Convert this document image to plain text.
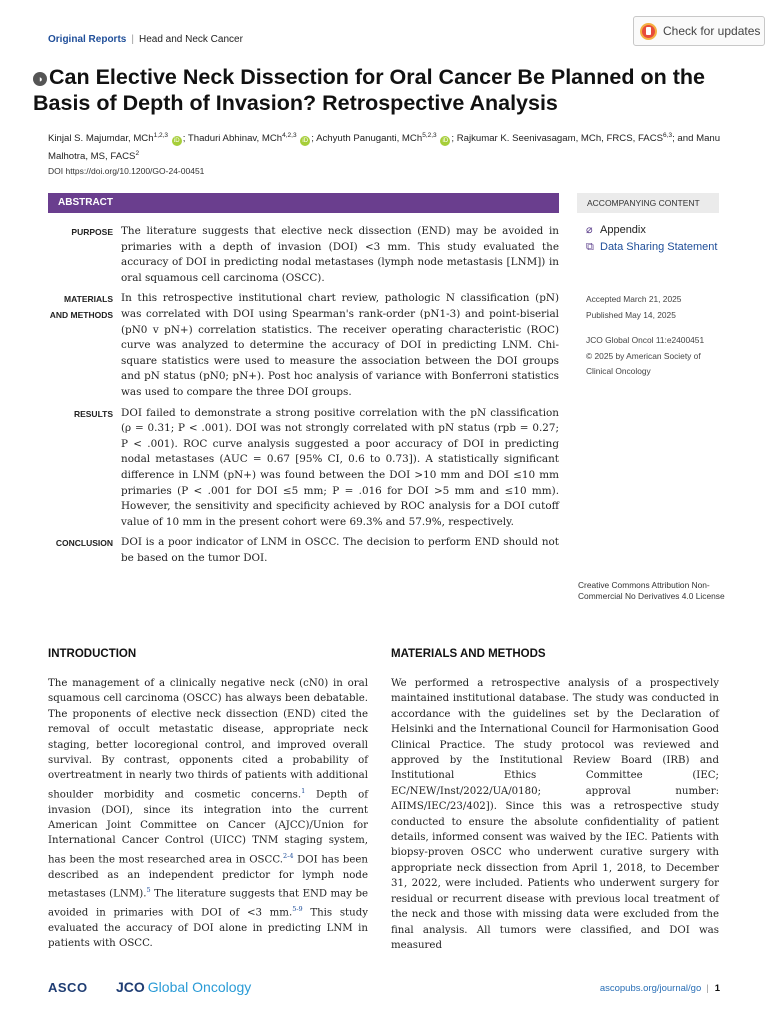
Original Reports | Head and Neck Cancer
Check for updates
◑ Can Elective Neck Dissection for Oral Cancer Be Planned on the Basis of Depth of Invasion? Retrospective Analysis
Kinjal S. Majumdar, MCh$^{1,2,3}$ iD ; Thaduri Abhinav, MCh$^{4,2,3}$ iD ; Achyuth Panuganti, MCh$^{5,2,3}$ iD ; Rajkumar K. Seenivasagam, MCh, FRCS, FACS$^{6,3}$; and Manu Malhotra, MS, FACS$^2$
DOI https://doi.org/10.1200/GO-24-00451
ABSTRACT	ACCOMPANYING CONTENT
PURPOSE The literature suggests that elective neck dissection (END) may be avoided in primaries with a depth of invasion (DOI) <3 mm. This study evaluated the accuracy of DOI in predicting nodal metastases (lymph node metastasis [LNM]) in oral squamous cell carcinoma (OSCC).
MATERIALS
AND METHODS
In this retrospective institutional chart review, pathologic N classification (pN) was correlated with DOI using Spearman's rank-order (pN1-3) and point-biserial (pN0 v pN+) correlation statistics. The receiver operating characteristic (ROC) curve was analyzed to determine the accuracy of DOI in predicting LNM. Chi-square statistics were used to measure the association between the DOI groups and pN status (pN0; pN+). Post hoc analysis of variance with Bonferroni statistics was used to compare the three DOI groups.
RESULTS DOI failed to demonstrate a strong positive correlation with the pN classification (ρ = 0.31; P < .001). DOI was not strongly correlated with pN status (rpb = 0.27; P < .001). ROC curve analysis suggested a poor accuracy of DOI in predicting nodal metastases (AUC = 0.67 [95% CI, 0.6 to 0.73]). A statistically significant difference in LNM (pN+) was found between the DOI >10 mm and DOI ≤10 mm primaries (P < .001 for DOI ≤5 mm; P = .016 for DOI >5 mm and ≤10 mm). However, the sensitivity and specificity achieved by ROC analysis for a DOI cutoff value of 10 mm in the present cohort were 69.3% and 57.9%, respectively.
CONCLUSION DOI is a poor indicator of LNM in OSCC. The decision to perform END should not be based on the tumor DOI.
⌀ Appendix
⧉ Data Sharing Statement
Accepted March 21, 2025
Published May 14, 2025
JCO Global Oncol 11:e2400451
© 2025 by American Society of Clinical Oncology
Creative Commons Attribution Non-Commercial No Derivatives 4.0 License
INTRODUCTION

The management of a clinically negative neck (cN0) in oral squamous cell carcinoma (OSCC) has always been debatable. The proponents of elective neck dissection (END) cited the removal of occult metastatic disease, appropriate neck staging, better locoregional control, and improved overall survival. By contrast, opponents cited a probability of overtreatment in nearly two thirds of patients with additional shoulder morbidity and cosmetic concerns.$^1$ Depth of invasion (DOI), since its integration into the current American Joint Committee on Cancer (AJCC)/Union for International Cancer Control (UICC) TNM staging system, has been the most researched area in OSCC.$^{2-4}$ DOI has been described as an independent predictor for lymph node metastases (LNM).$^5$ The literature suggests that END may be avoided in primaries with DOI of <3 mm.$^{5-9}$ This study evaluated the accuracy of DOI alone in predicting LNM in patients with OSCC.

MATERIALS AND METHODS

We performed a retrospective analysis of a prospectively maintained institutional database. The study was conducted in accordance with the guidelines set by the Declaration of Helsinki and the International Council for Harmonisation Good Clinical Practice. The study protocol was reviewed and approved by the Institutional Review Board (IRB) and Institutional Ethics Committee (IEC; EC/NEW/Inst/2022/UA/0180; approval number: AIIMS/IEC/23/402]). Since this was a retrospective study conducted to ensure the absolute confidentiality of patient details, informed consent was waived by the IEC. Patients with biopsy-proven OSCC who underwent curative surgery with appropriate neck dissection from April 1, 2018, to December 31, 2022, were included. Patients who underwent surgery for residual or recurrent disease with previous local treatment of the neck and those with missing data were excluded from the final analysis. All tumors were classified, and DOI was measured

ASCO JCO Global Oncology	ascopubs.org/journal/go | 1
